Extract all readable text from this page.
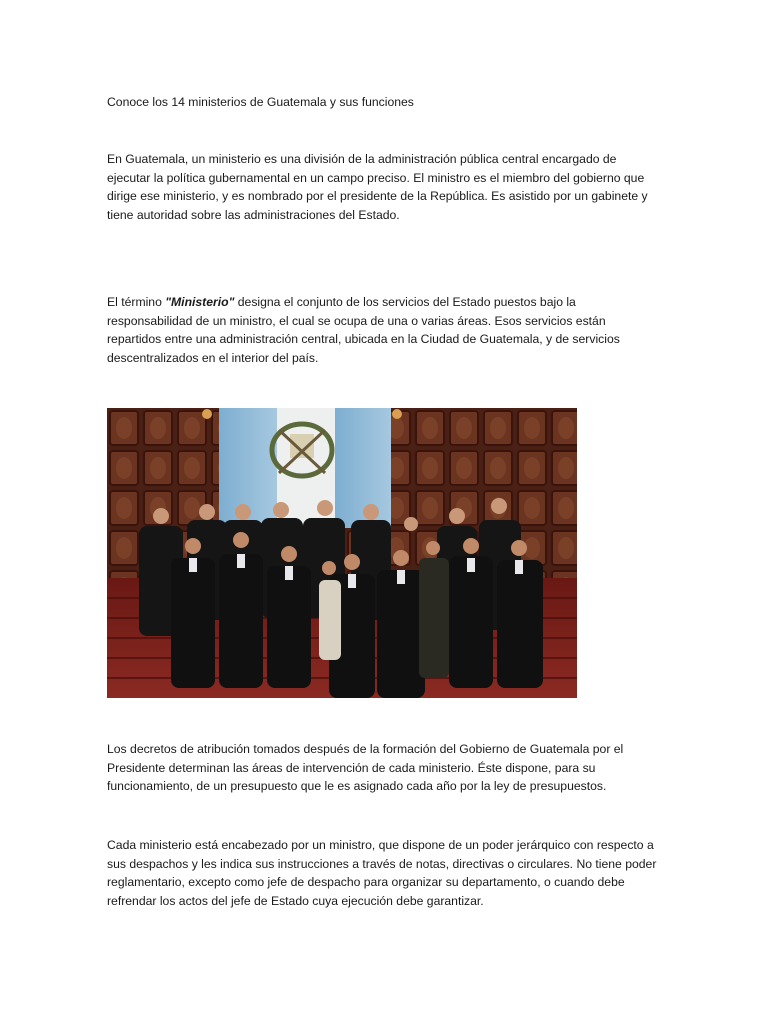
Conoce los 14 ministerios de Guatemala y sus funciones

En Guatemala, un ministerio es una división de la administración pública central encargado de ejecutar la política gubernamental en un campo preciso. El ministro es el miembro del gobierno que dirige ese ministerio, y es nombrado por el presidente de la República. Es asistido por un gabinete y tiene autoridad sobre las administraciones del Estado.

El término "Ministerio" designa el conjunto de los servicios del Estado puestos bajo la responsabilidad de un ministro, el cual se ocupa de una o varias áreas. Esos servicios están repartidos entre una administración central, ubicada en la Ciudad de Guatemala, y de servicios descentralizados en el interior del país.

Los decretos de atribución tomados después de la formación del Gobierno de Guatemala por el Presidente determinan las áreas de intervención de cada ministerio. Éste dispone, para su funcionamiento, de un presupuesto que le es asignado cada año por la ley de presupuestos.

Cada ministerio está encabezado por un ministro, que dispone de un poder jerárquico con respecto a sus despachos y les indica sus instrucciones a través de notas, directivas o circulares. No tiene poder reglamentario, excepto como jefe de despacho para organizar su departamento, o cuando debe refrendar los actos del jefe de Estado cuya ejecución debe garantizar.
